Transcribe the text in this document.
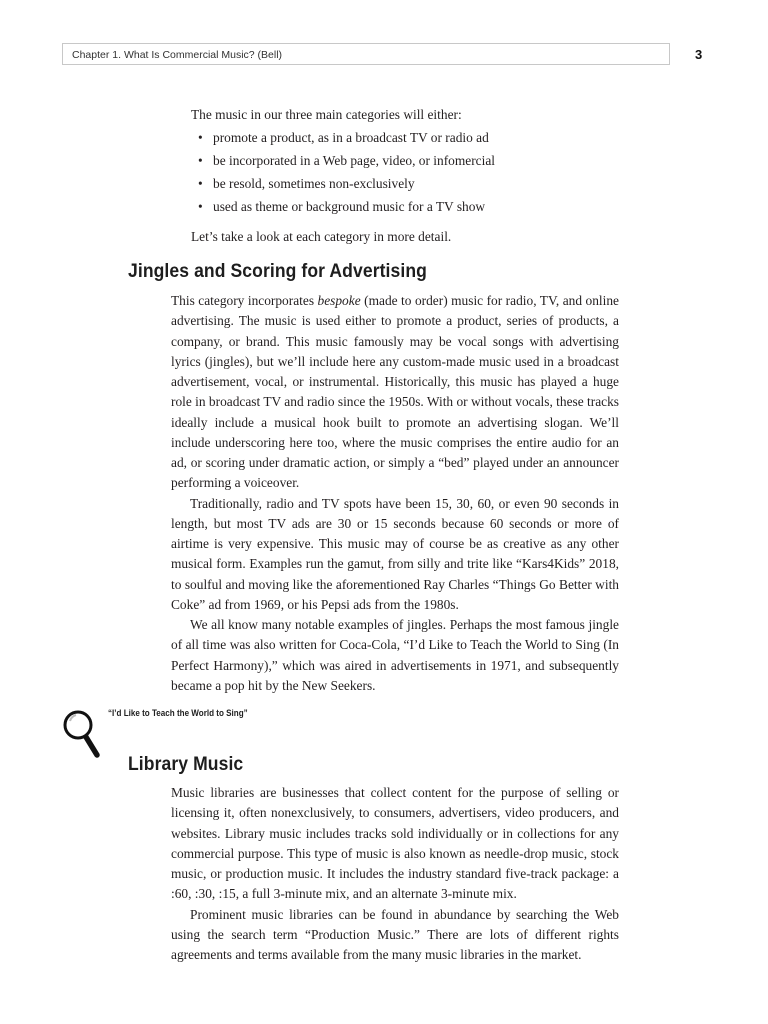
Chapter 1. What Is Commercial Music? (Bell)	3

The music in our three main categories will either:

• promote a product, as in a broadcast TV or radio ad
• be incorporated in a Web page, video, or infomercial
• be resold, sometimes non-exclusively
• used as theme or background music for a TV show

Let’s take a look at each category in more detail.

Jingles and Scoring for Advertising

This category incorporates bespoke (made to order) music for radio, TV, and online advertising. The music is used either to promote a product, series of products, a company, or brand. This music famously may be vocal songs with advertising lyrics (jingles), but we’ll include here any custom-made music used in a broadcast advertisement, vocal, or instrumental. Historically, this music has played a huge role in broadcast TV and radio since the 1950s. With or without vocals, these tracks ideally include a musical hook built to promote an advertising slogan. We’ll include underscoring here too, where the music comprises the entire audio for an ad, or scoring under dramatic action, or simply a “bed” played under an announcer performing a voiceover.

Traditionally, radio and TV spots have been 15, 30, 60, or even 90 seconds in length, but most TV ads are 30 or 15 seconds because 60 seconds or more of airtime is very expensive. This music may of course be as creative as any other musical form. Examples run the gamut, from silly and trite like “Kars4Kids” 2018, to soulful and moving like the aforementioned Ray Charles “Things Go Better with Coke” ad from 1969, or his Pepsi ads from the 1980s.

We all know many notable examples of jingles. Perhaps the most famous jingle of all time was also written for Coca-Cola, “I’d Like to Teach the World to Sing (In Perfect Harmony),” which was aired in advertisements in 1971, and subsequently became a pop hit by the New Seekers.

“I’d Like to Teach the World to Sing”
Library Music

Music libraries are businesses that collect content for the purpose of selling or licensing it, often nonexclusively, to consumers, advertisers, video producers, and websites. Library music includes tracks sold individually or in collections for any commercial purpose. This type of music is also known as needle-drop music, stock music, or production music. It includes the industry standard five-track package: a :60, :30, :15, a full 3-minute mix, and an alternate 3-minute mix.

Prominent music libraries can be found in abundance by searching the Web using the search term “Production Music.” There are lots of different rights agreements and terms available from the many music libraries in the market.
